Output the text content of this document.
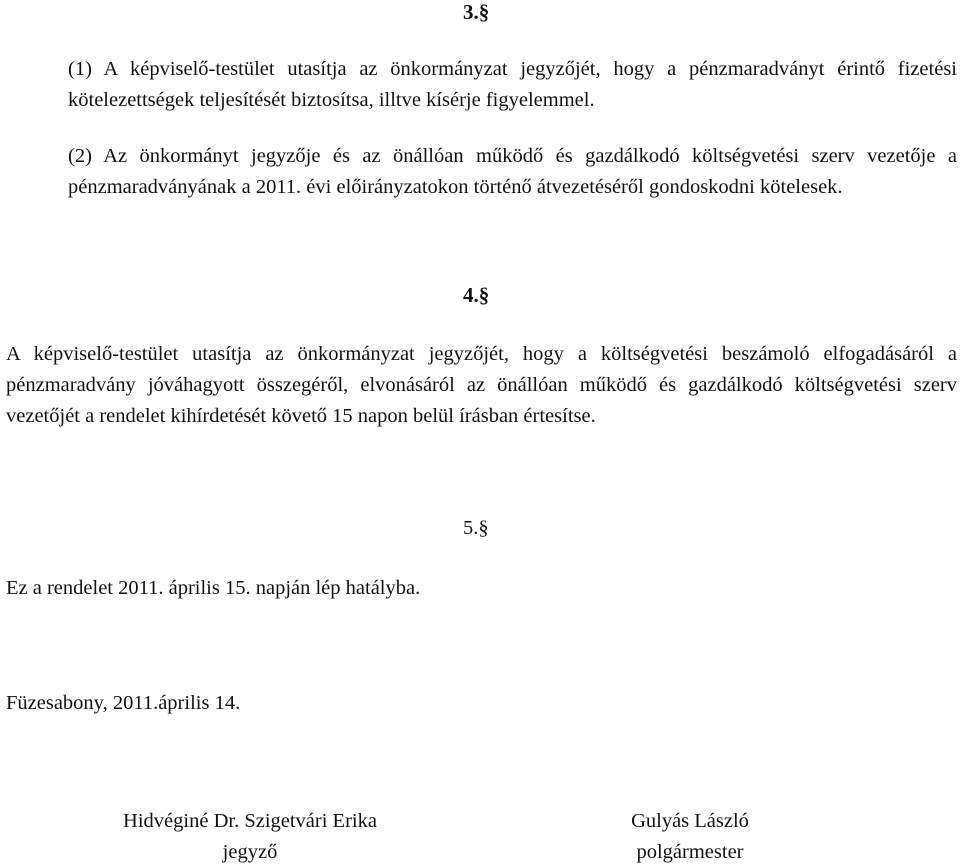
3.§

(1) A képviselő-testület utasítja az önkormányzat jegyzőjét, hogy a pénzmaradványt érintő fizetési kötelezettségek teljesítését biztosítsa, illtve kísérje figyelemmel.

(2) Az önkormányt jegyzője és az önállóan működő és gazdálkodó költségvetési szerv vezetője a pénzmaradványának a 2011. évi előirányzatokon történő átvezetéséről gondoskodni kötelesek.

4.§

A képviselő-testület utasítja az önkormányzat jegyzőjét, hogy a költségvetési beszámoló elfogadásáról a pénzmaradvány jóváhagyott összegéről, elvonásáról az önállóan működő és gazdálkodó költségvetési szerv vezetőjét a rendelet kihírdetését követő 15 napon belül írásban értesítse.

5.§

Ez a rendelet 2011. április 15. napján lép hatályba.

Füzesabony, 2011.április 14.

Hidvéginé Dr. Szigetvári Erika
jegyző
Gulyás László
polgármester
